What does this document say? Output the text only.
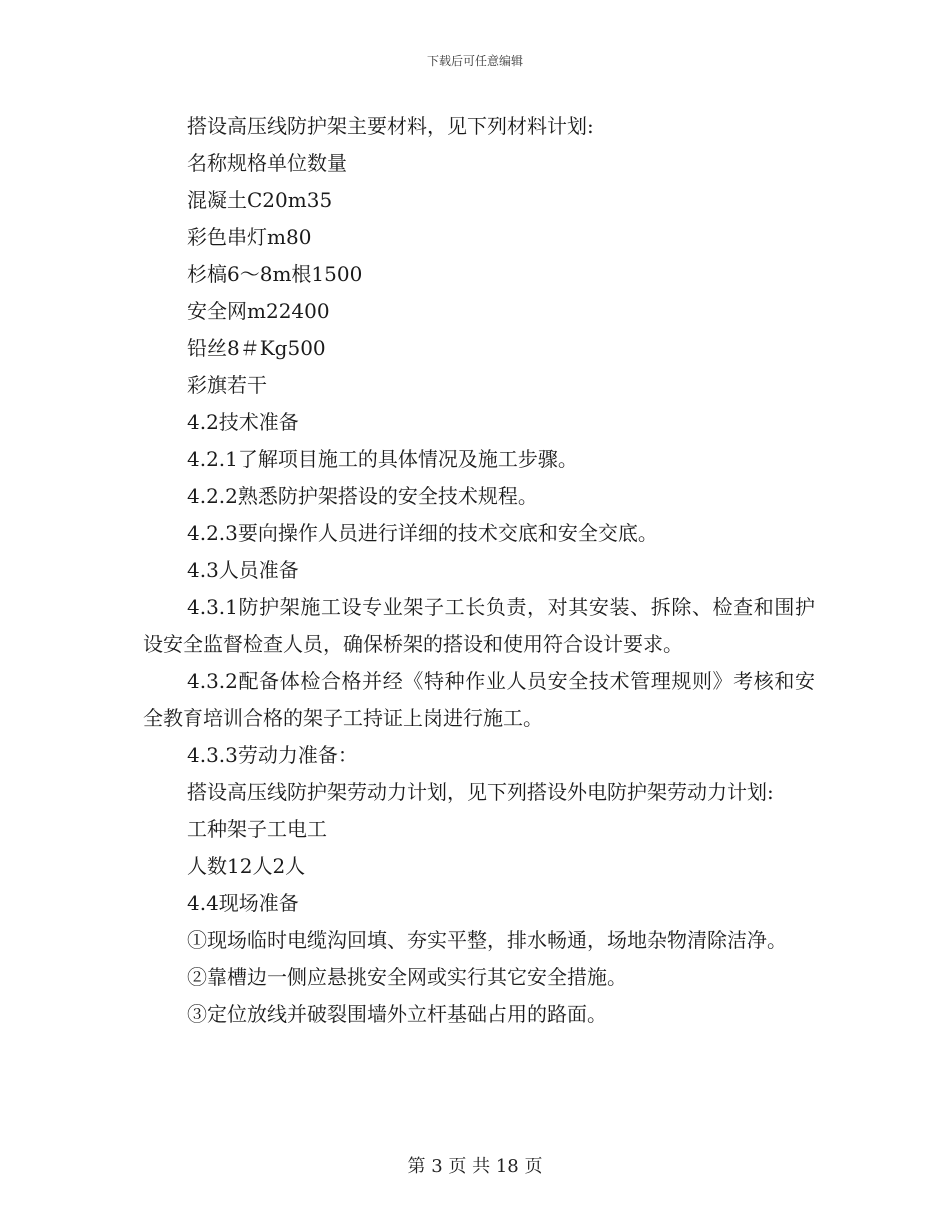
下载后可任意编辑

搭设高压线防护架主要材料，见下列材料计划:

名称规格单位数量

混凝土C20m35

彩色串灯m80

杉槁6～8m根1500

安全网m22400

铅丝8＃Kg500

彩旗若干

4.2技术准备

4.2.1了解项目施工的具体情况及施工步骤。

4.2.2熟悉防护架搭设的安全技术规程。

4.2.3要向操作人员进行详细的技术交底和安全交底。

4.3人员准备

4.3.1防护架施工设专业架子工长负责，对其安装、拆除、检查和围护设安全监督检查人员，确保桥架的搭设和使用符合设计要求。

4.3.2配备体检合格并经《特种作业人员安全技术管理规则》考核和安全教育培训合格的架子工持证上岗进行施工。

4.3.3劳动力准备：

搭设高压线防护架劳动力计划，见下列搭设外电防护架劳动力计划:

工种架子工电工

人数12人2人

4.4现场准备

①现场临时电缆沟回填、夯实平整，排水畅通，场地杂物清除洁净。

②靠槽边一侧应悬挑安全网或实行其它安全措施。

③定位放线并破裂围墙外立杆基础占用的路面。

第 3 页 共 18 页
